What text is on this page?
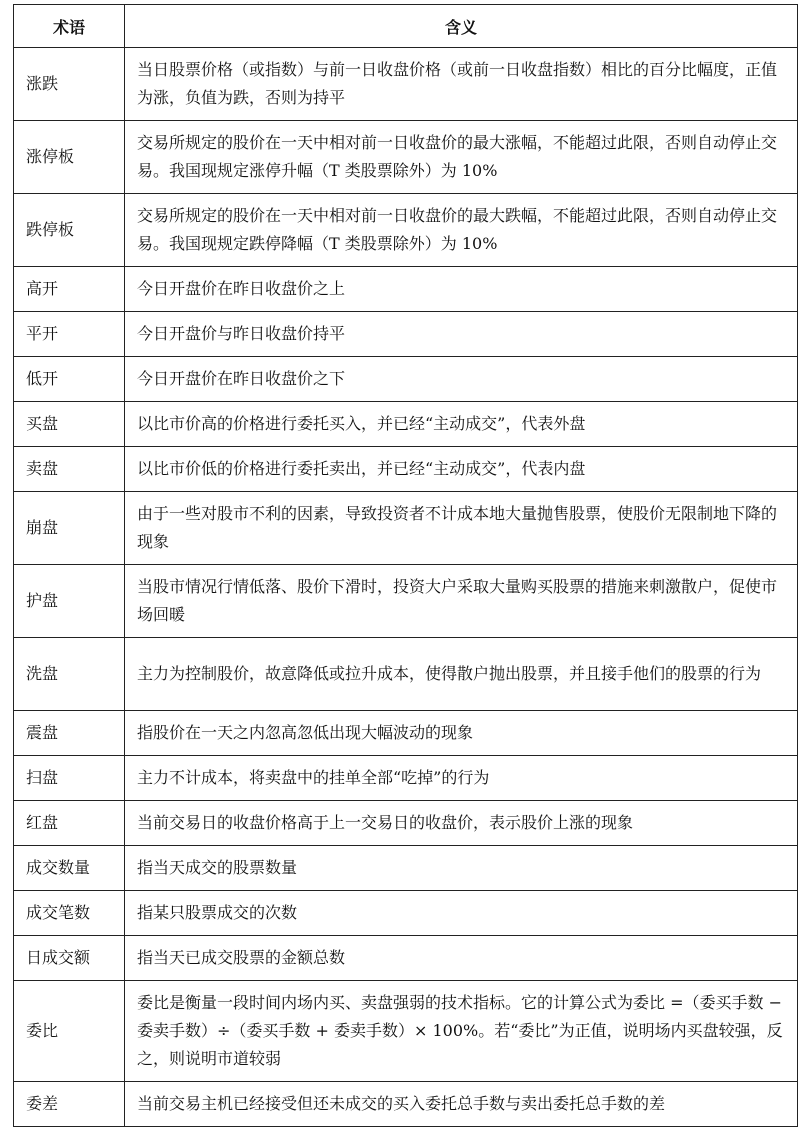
术语	含义
涨跌	当日股票价格（或指数）与前一日收盘价格（或前一日收盘指数）相比的百分比幅度，正值为涨，负值为跌，否则为持平
涨停板	交易所规定的股价在一天中相对前一日收盘价的最大涨幅，不能超过此限，否则自动停止交易。我国现规定涨停升幅（T 类股票除外）为 10%
跌停板	交易所规定的股价在一天中相对前一日收盘价的最大跌幅，不能超过此限，否则自动停止交易。我国现规定跌停降幅（T 类股票除外）为 10%
高开	今日开盘价在昨日收盘价之上
平开	今日开盘价与昨日收盘价持平
低开	今日开盘价在昨日收盘价之下
买盘	以比市价高的价格进行委托买入，并已经“主动成交”，代表外盘
卖盘	以比市价低的价格进行委托卖出，并已经“主动成交”，代表内盘
崩盘	由于一些对股市不利的因素，导致投资者不计成本地大量抛售股票，使股价无限制地下降的现象
护盘	当股市情况行情低落、股价下滑时，投资大户采取大量购买股票的措施来刺激散户，促使市场回暖
洗盘	主力为控制股价，故意降低或拉升成本，使得散户抛出股票，并且接手他们的股票的行为
震盘	指股价在一天之内忽高忽低出现大幅波动的现象
扫盘	主力不计成本，将卖盘中的挂单全部“吃掉”的行为
红盘	当前交易日的收盘价格高于上一交易日的收盘价，表示股价上涨的现象
成交数量	指当天成交的股票数量
成交笔数	指某只股票成交的次数
日成交额	指当天已成交股票的金额总数
委比	委比是衡量一段时间内场内买、卖盘强弱的技术指标。它的计算公式为委比 =（委买手数 − 委卖手数）÷（委买手数 + 委卖手数）× 100%。若“委比”为正值，说明场内买盘较强，反之，则说明市道较弱
委差	当前交易主机已经接受但还未成交的买入委托总手数与卖出委托总手数的差
